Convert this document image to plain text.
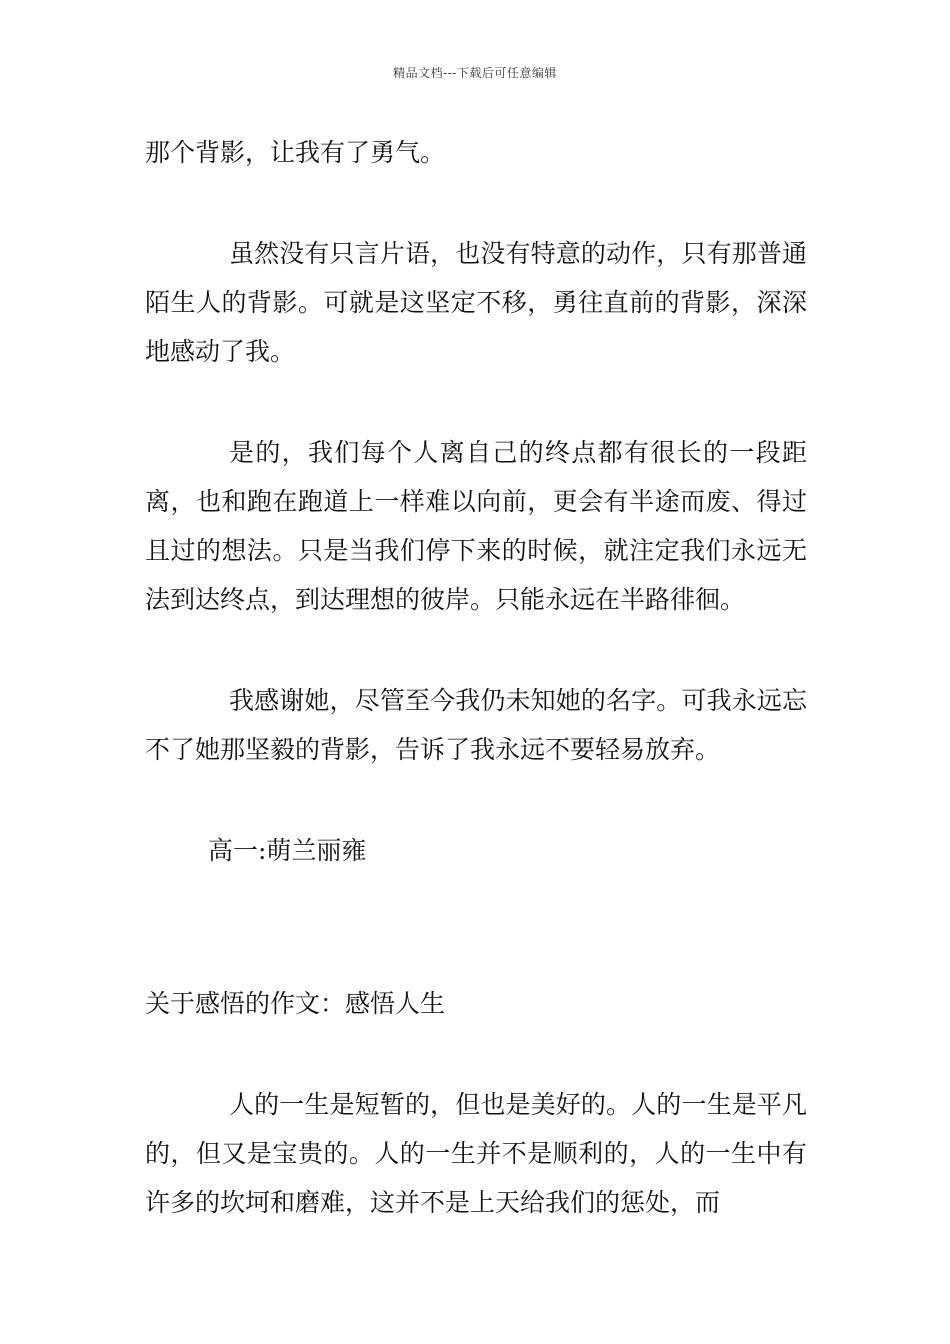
精品文档---下载后可任意编辑

那个背影，让我有了勇气。

虽然没有只言片语，也没有特意的动作，只有那普通陌生人的背影。可就是这坚定不移，勇往直前的背影，深深地感动了我。

是的，我们每个人离自己的终点都有很长的一段距离，也和跑在跑道上一样难以向前，更会有半途而废、得过且过的想法。只是当我们停下来的时候，就注定我们永远无法到达终点，到达理想的彼岸。只能永远在半路徘徊。

我感谢她，尽管至今我仍未知她的名字。可我永远忘不了她那坚毅的背影，告诉了我永远不要轻易放弃。

高一:萌兰丽雍

关于感悟的作文：感悟人生

人的一生是短暂的，但也是美好的。人的一生是平凡的，但又是宝贵的。人的一生并不是顺利的，人的一生中有许多的坎坷和磨难，这并不是上天给我们的惩处，而
